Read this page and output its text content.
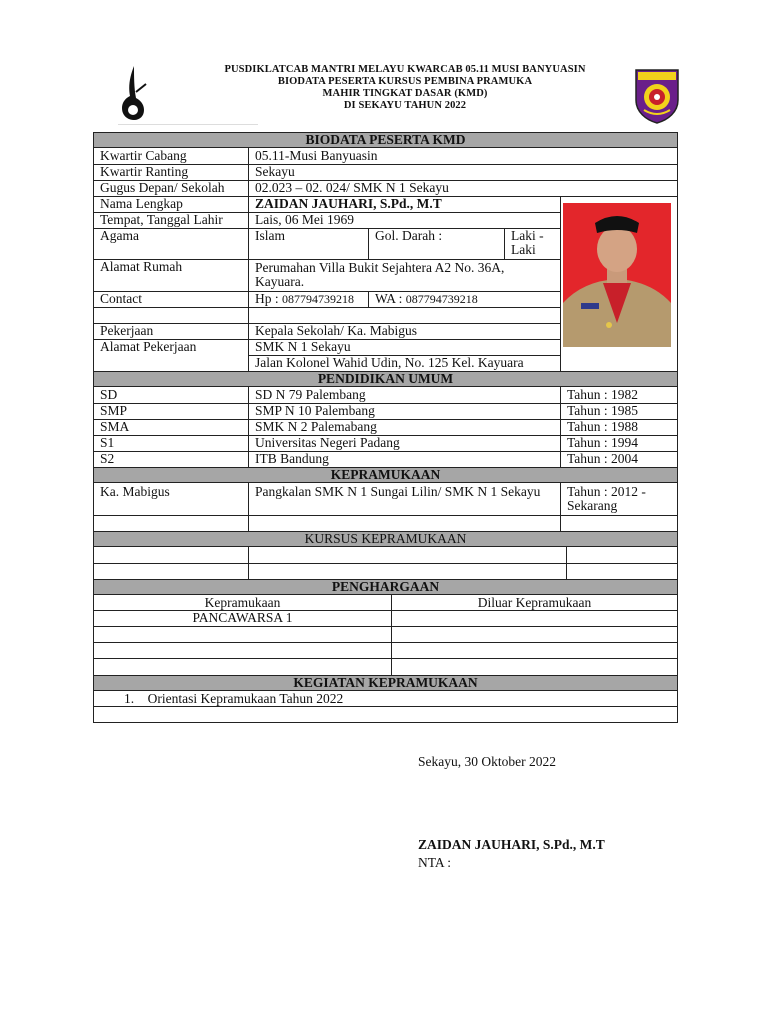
PUSDIKLATCAB MANTRI MELAYU KWARCAB 05.11 MUSI BANYUASIN
BIODATA PESERTA KURSUS PEMBINA PRAMUKA
MAHIR TINGKAT DASAR (KMD)
DI SEKAYU TAHUN 2022
BIODATA PESERTA KMD
Kwartir Cabang	05.11-Musi Banyuasin
Kwartir Ranting	Sekayu
Gugus Depan/ Sekolah	02.023 – 02. 024/ SMK N 1 Sekayu
Nama Lengkap	ZAIDAN JAUHARI, S.Pd., M.T
Tempat, Tanggal Lahir	Lais, 06 Mei 1969
Agama	Islam	Gol. Darah :	Laki - Laki
Alamat Rumah	Perumahan Villa Bukit Sejahtera A2 No. 36A, Kayuara.
Contact	Hp : 087794739218	WA : 087794739218
Pekerjaan	Kepala Sekolah/ Ka. Mabigus
Alamat Pekerjaan	SMK N 1 Sekayu
Jalan Kolonel Wahid Udin, No. 125 Kel. Kayuara
PENDIDIKAN UMUM
SD	SD N 79 Palembang	Tahun : 1982
SMP	SMP N 10 Palembang	Tahun : 1985
SMA	SMK N 2 Palemabang	Tahun : 1988
S1	Universitas Negeri Padang	Tahun : 1994
S2	ITB Bandung	Tahun : 2004
KEPRAMUKAAN
Ka. Mabigus	Pangkalan SMK N 1 Sungai Lilin/ SMK N 1 Sekayu	Tahun : 2012 - Sekarang
KURSUS KEPRAMUKAAN
PENGHARGAAN
Kepramukaan	Diluar Kepramukaan
PANCAWARSA 1
KEGIATAN KEPRAMUKAAN
1.    Orientasi Kepramukaan Tahun 2022
Sekayu, 30 Oktober 2022
ZAIDAN JAUHARI, S.Pd., M.T
NTA :
